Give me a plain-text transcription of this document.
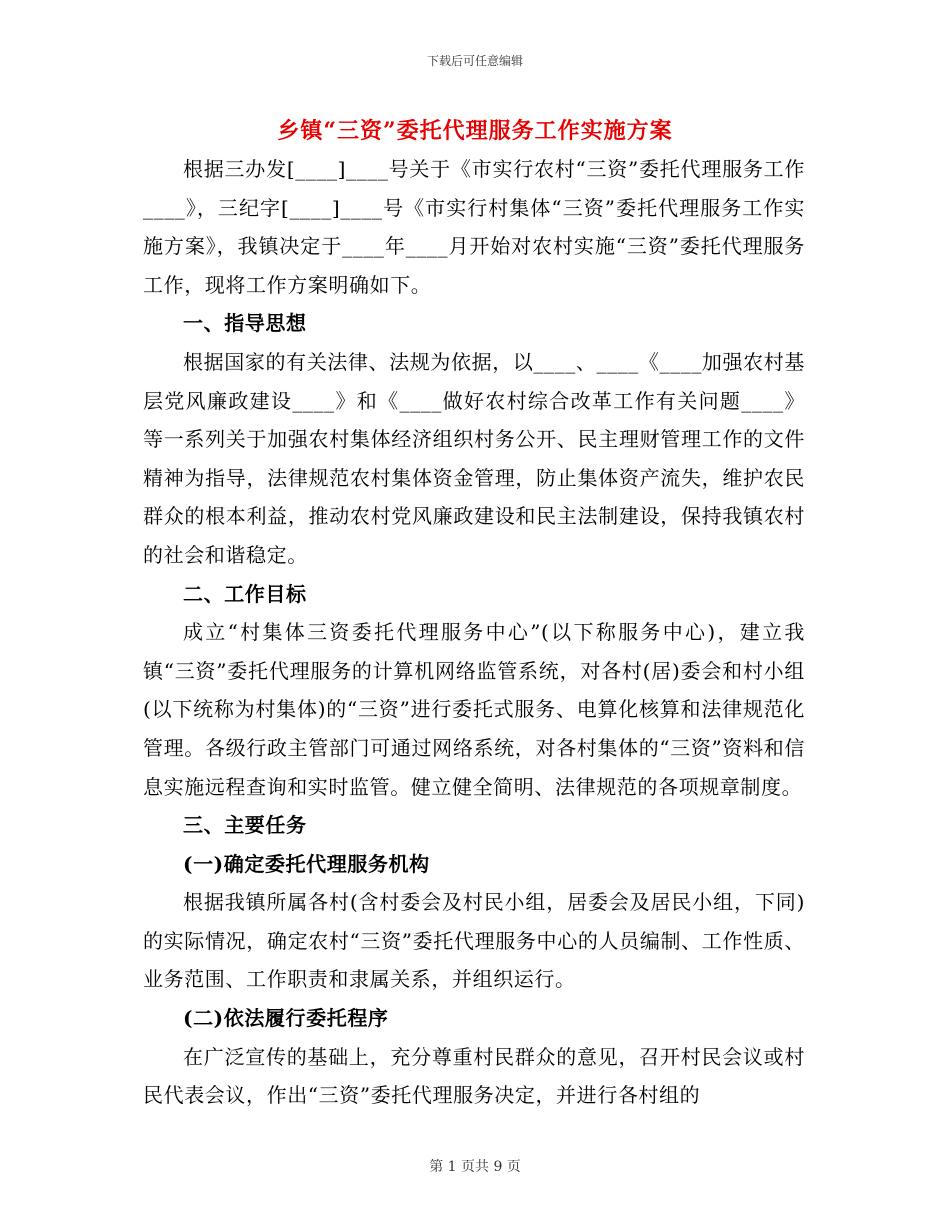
下载后可任意编辑
乡镇“三资”委托代理服务工作实施方案

根据三办发[____]____号关于《市实行农村“三资”委托代理服务工作____》，三纪字[____]____号《市实行村集体“三资”委托代理服务工作实施方案》，我镇决定于____年____月开始对农村实施“三资”委托代理服务工作，现将工作方案明确如下。

一、指导思想

根据国家的有关法律、法规为依据，以____、____《____加强农村基层党风廉政建设____》和《____做好农村综合改革工作有关问题____》等一系列关于加强农村集体经济组织村务公开、民主理财管理工作的文件精神为指导，法律规范农村集体资金管理，防止集体资产流失，维护农民群众的根本利益，推动农村党风廉政建设和民主法制建设，保持我镇农村的社会和谐稳定。

二、工作目标

成立“村集体三资委托代理服务中心”(以下称服务中心)，建立我镇“三资”委托代理服务的计算机网络监管系统，对各村(居)委会和村小组(以下统称为村集体)的“三资”进行委托式服务、电算化核算和法律规范化管理。各级行政主管部门可通过网络系统，对各村集体的“三资”资料和信息实施远程查询和实时监管。健立健全简明、法律规范的各项规章制度。

三、主要任务
(一)确定委托代理服务机构

根据我镇所属各村(含村委会及村民小组，居委会及居民小组，下同)的实际情况，确定农村“三资”委托代理服务中心的人员编制、工作性质、业务范围、工作职责和隶属关系，并组织运行。

(二)依法履行委托程序

在广泛宣传的基础上，充分尊重村民群众的意见，召开村民会议或村民代表会议，作出“三资”委托代理服务决定，并进行各村组的

第 1 页共 9 页
